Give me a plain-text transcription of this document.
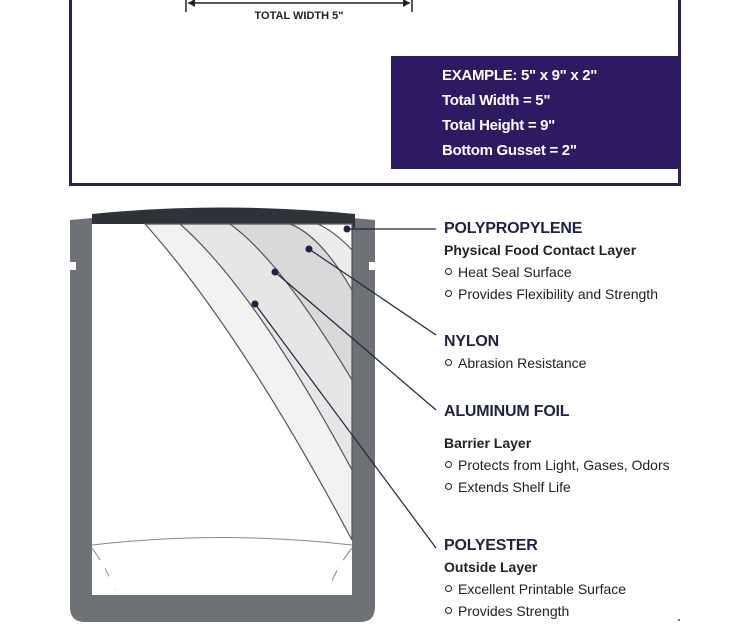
TOTAL WIDTH 5"
EXAMPLE: 5" x 9" x 2"
Total Width = 5"
Total Height = 9"
Bottom Gusset = 2"
POLYPROPYLENE
Physical Food Contact Layer
Heat Seal Surface
Provides Flexibility and Strength
NYLON
Abrasion Resistance
ALUMINUM FOIL
Barrier Layer
Protects from Light, Gases, Odors
Extends Shelf Life
POLYESTER
Outside Layer
Excellent Printable Surface
Provides Strength
